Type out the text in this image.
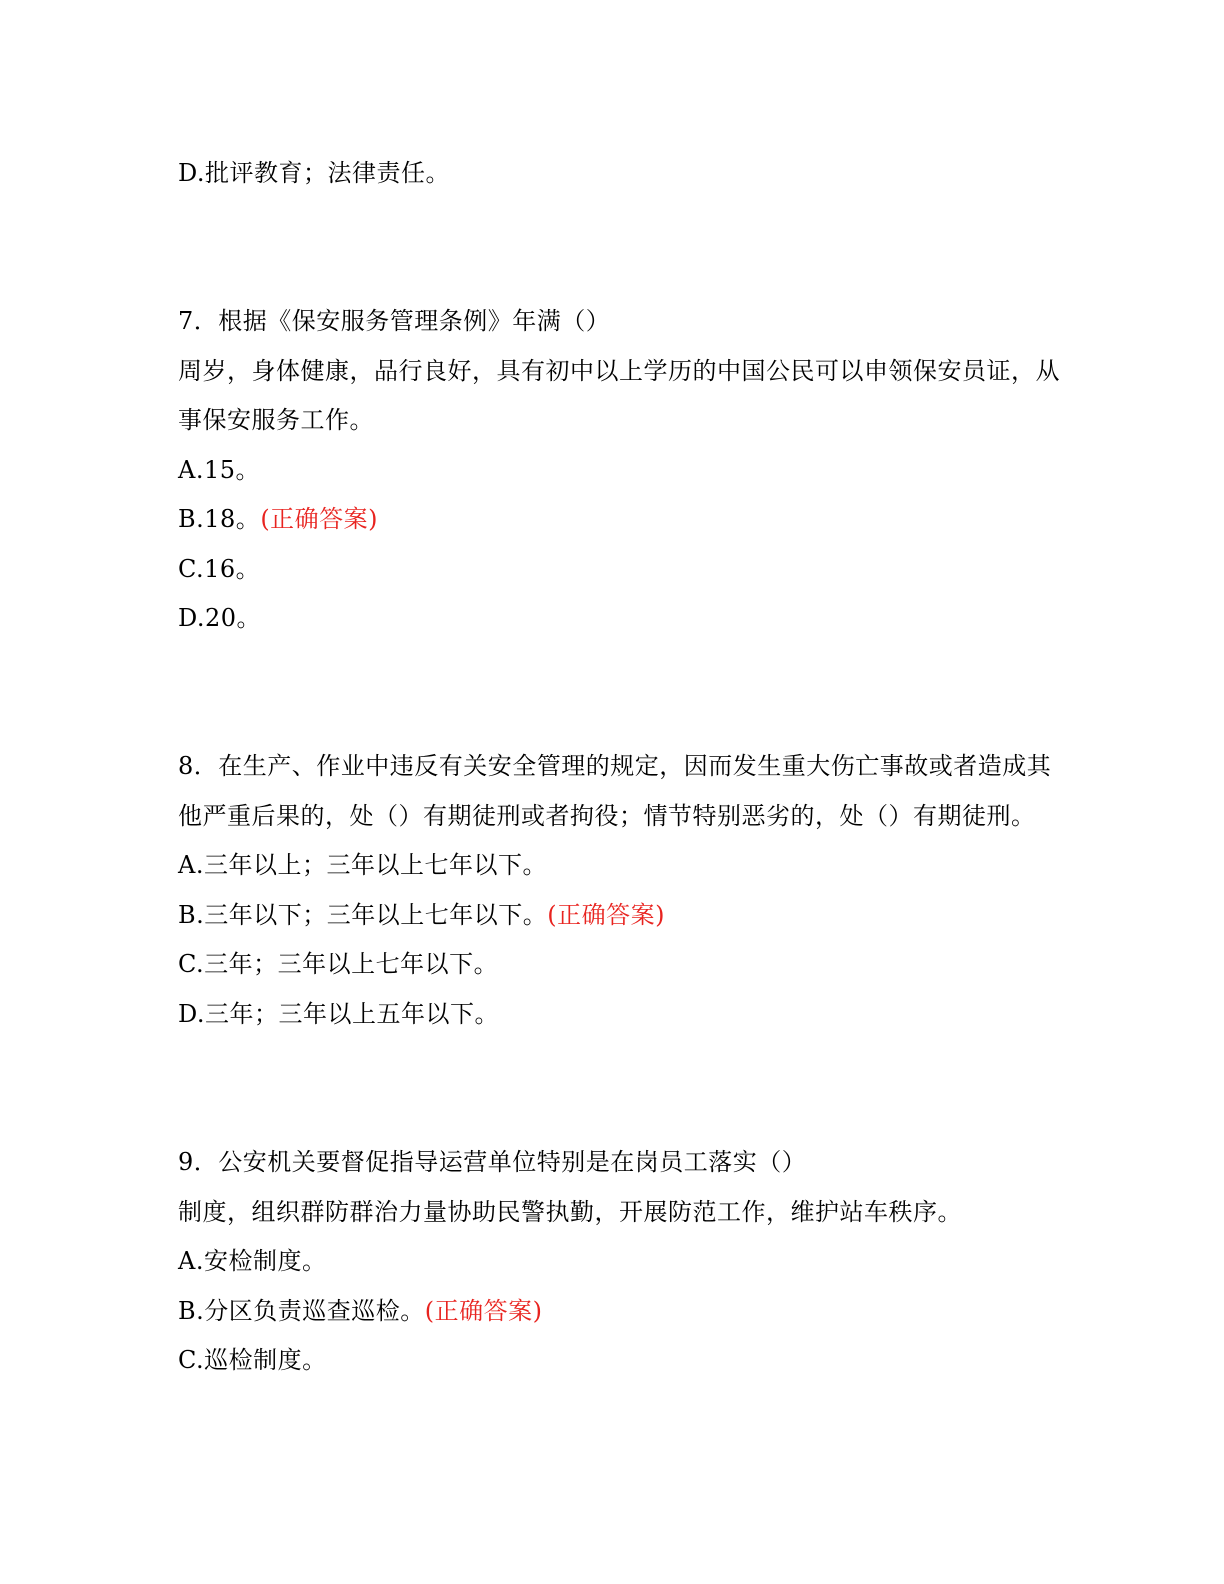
D.批评教育；法律责任。
7．根据《保安服务管理条例》年满（）
周岁，身体健康，品行良好，具有初中以上学历的中国公民可以申领保安员证，从
事保安服务工作。
A.15。
B.18。(正确答案)
C.16。
D.20。
8．在生产、作业中违反有关安全管理的规定，因而发生重大伤亡事故或者造成其
他严重后果的，处（）有期徒刑或者拘役；情节特别恶劣的，处（）有期徒刑。
A.三年以上；三年以上七年以下。
B.三年以下；三年以上七年以下。(正确答案)
C.三年；三年以上七年以下。
D.三年；三年以上五年以下。
9．公安机关要督促指导运营单位特别是在岗员工落实（）
制度，组织群防群治力量协助民警执勤，开展防范工作，维护站车秩序。
A.安检制度。
B.分区负责巡查巡检。(正确答案)
C.巡检制度。
